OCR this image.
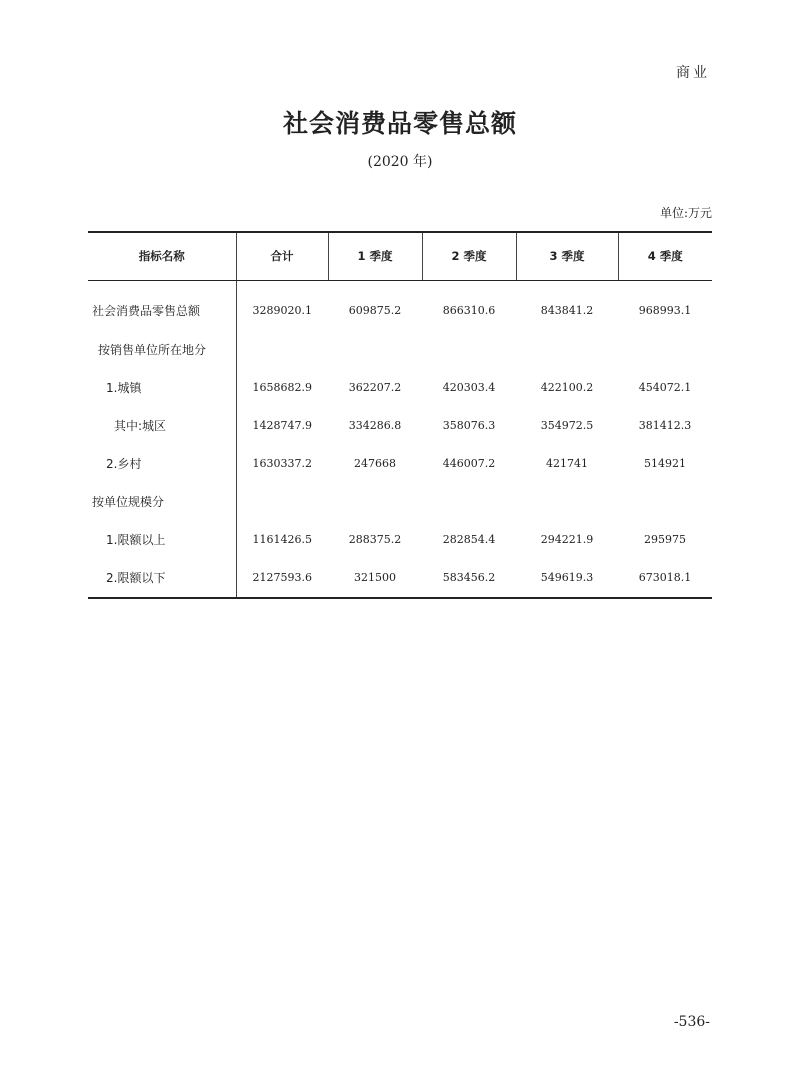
商业
社会消费品零售总额
(2020 年)
单位:万元
指标名称	合计	1 季度	2 季度	3 季度	4 季度
社会消费品零售总额	3289020.1	609875.2	866310.6	843841.2	968993.1
按销售单位所在地分					
1.城镇	1658682.9	362207.2	420303.4	422100.2	454072.1
其中:城区	1428747.9	334286.8	358076.3	354972.5	381412.3
2.乡村	1630337.2	247668	446007.2	421741	514921
按单位规模分					
1.限额以上	1161426.5	288375.2	282854.4	294221.9	295975
2.限额以下	2127593.6	321500	583456.2	549619.3	673018.1
-536-
